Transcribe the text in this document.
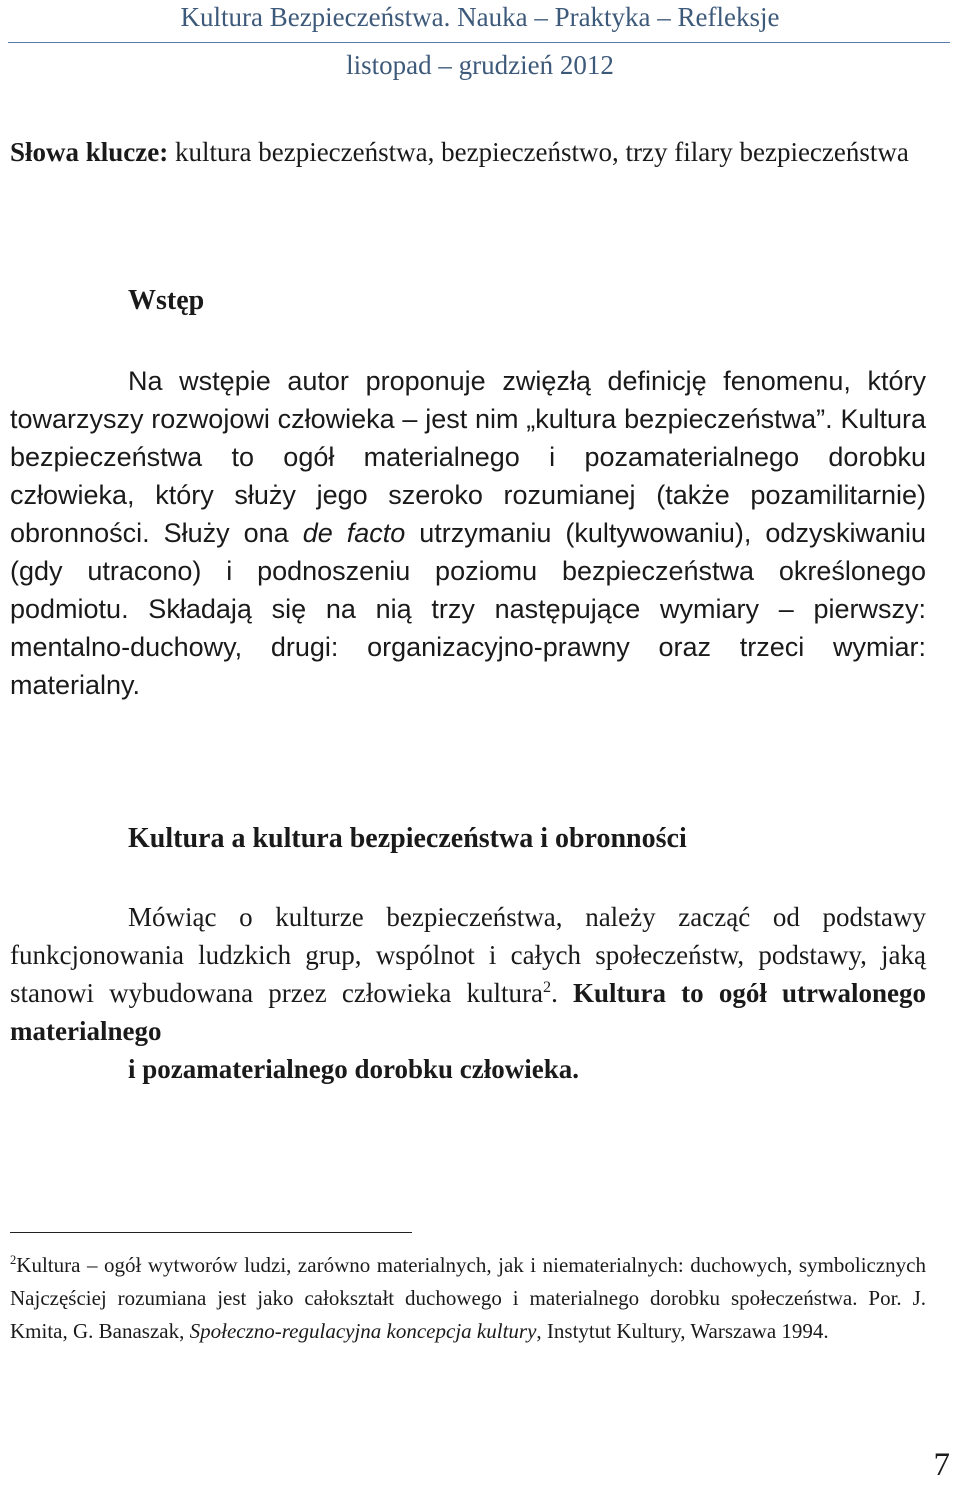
Kultura Bezpieczeństwa. Nauka – Praktyka – Refleksje
listopad – grudzień 2012
Słowa klucze: kultura bezpieczeństwa, bezpieczeństwo, trzy filary bezpieczeństwa
Wstęp
Na wstępie autor proponuje zwięzłą definicję fenomenu, który towarzyszy rozwojowi człowieka – jest nim „kultura bezpieczeństwa”. Kultura bezpieczeństwa to ogół materialnego i pozamaterialnego dorobku człowieka, który służy jego szeroko rozumianej (także pozamilitarnie) obronności. Służy ona de facto utrzymaniu (kultywowaniu), odzyskiwaniu (gdy utracono) i podnoszeniu poziomu bezpieczeństwa określonego podmiotu. Składają się na nią trzy następujące wymiary – pierwszy: mentalno-duchowy, drugi: organizacyjno-prawny oraz trzeci wymiar: materialny.
Kultura a kultura bezpieczeństwa i obronności
Mówiąc o kulturze bezpieczeństwa, należy zacząć od podstawy funkcjonowania ludzkich grup, wspólnot i całych społeczeństw, podstawy, jaką stanowi wybudowana przez człowieka kultura$^2$. Kultura to ogół utrwalonego materialnego
i pozamaterialnego dorobku człowieka.
$^2$Kultura – ogół wytworów ludzi, zarówno materialnych, jak i niematerialnych: duchowych, symbolicznych Najczęściej rozumiana jest jako całokształt duchowego i materialnego dorobku społeczeństwa. Por. J. Kmita, G. Banaszak, Społeczno-regulacyjna koncepcja kultury, Instytut Kultury, Warszawa 1994.
7
